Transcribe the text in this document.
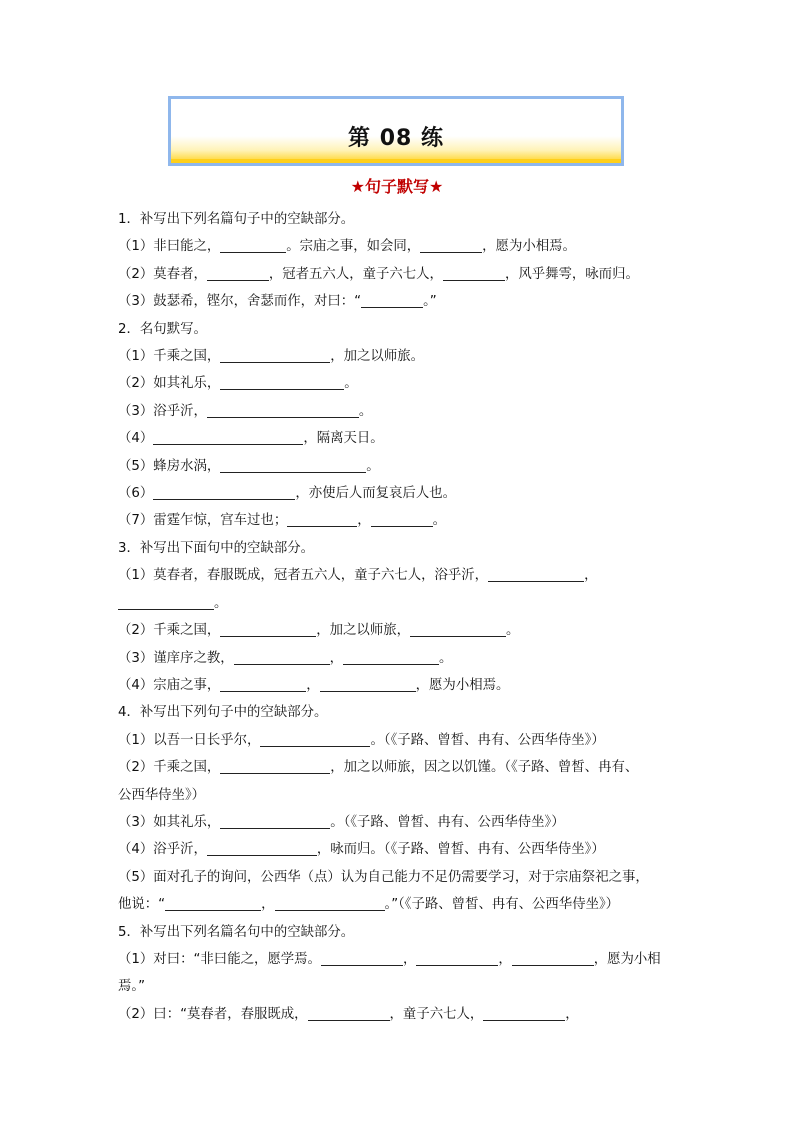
第 08 练
★句子默写★
1．补写出下列名篇句子中的空缺部分。
（1）非曰能之，	。宗庙之事，如会同，	，愿为小相焉。
（2）莫春者，	，冠者五六人，童子六七人，	，风乎舞雩，咏而归。
（3）鼓瑟希，铿尔，舍瑟而作，对曰：“	。”
2．名句默写。
（1）千乘之国，	，加之以师旅。
（2）如其礼乐，	。
（3）浴乎沂，	。
（4）	，隔离天日。
（5）蜂房水涡，	。
（6）	，亦使后人而复哀后人也。
（7）雷霆乍惊，宫车过也；	，	。
3．补写出下面句中的空缺部分。
（1）莫春者，春服既成，冠者五六人，童子六七人，浴乎沂，	，
。
（2）千乘之国，	，加之以师旅，	。
（3）谨庠序之教，	，	。
（4）宗庙之事，	，	，愿为小相焉。
4．补写出下列句子中的空缺部分。
（1）以吾一日长乎尔，	。（《子路、曾皙、冉有、公西华侍坐》）
（2）千乘之国，	，加之以师旅，因之以饥馑。（《子路、曾皙、冉有、
公西华侍坐》）
（3）如其礼乐，	。（《子路、曾皙、冉有、公西华侍坐》）
（4）浴乎沂，	，咏而归。（《子路、曾皙、冉有、公西华侍坐》）
（5）面对孔子的询问，公西华（点）认为自己能力不足仍需要学习，对于宗庙祭祀之事，
他说：“	，	。”（《子路、曾皙、冉有、公西华侍坐》）
5．补写出下列名篇名句中的空缺部分。
（1）对曰：“非曰能之，愿学焉。	，	，	，愿为小相
焉。”
（2）曰：“莫春者，春服既成，	，童子六七人，	，
